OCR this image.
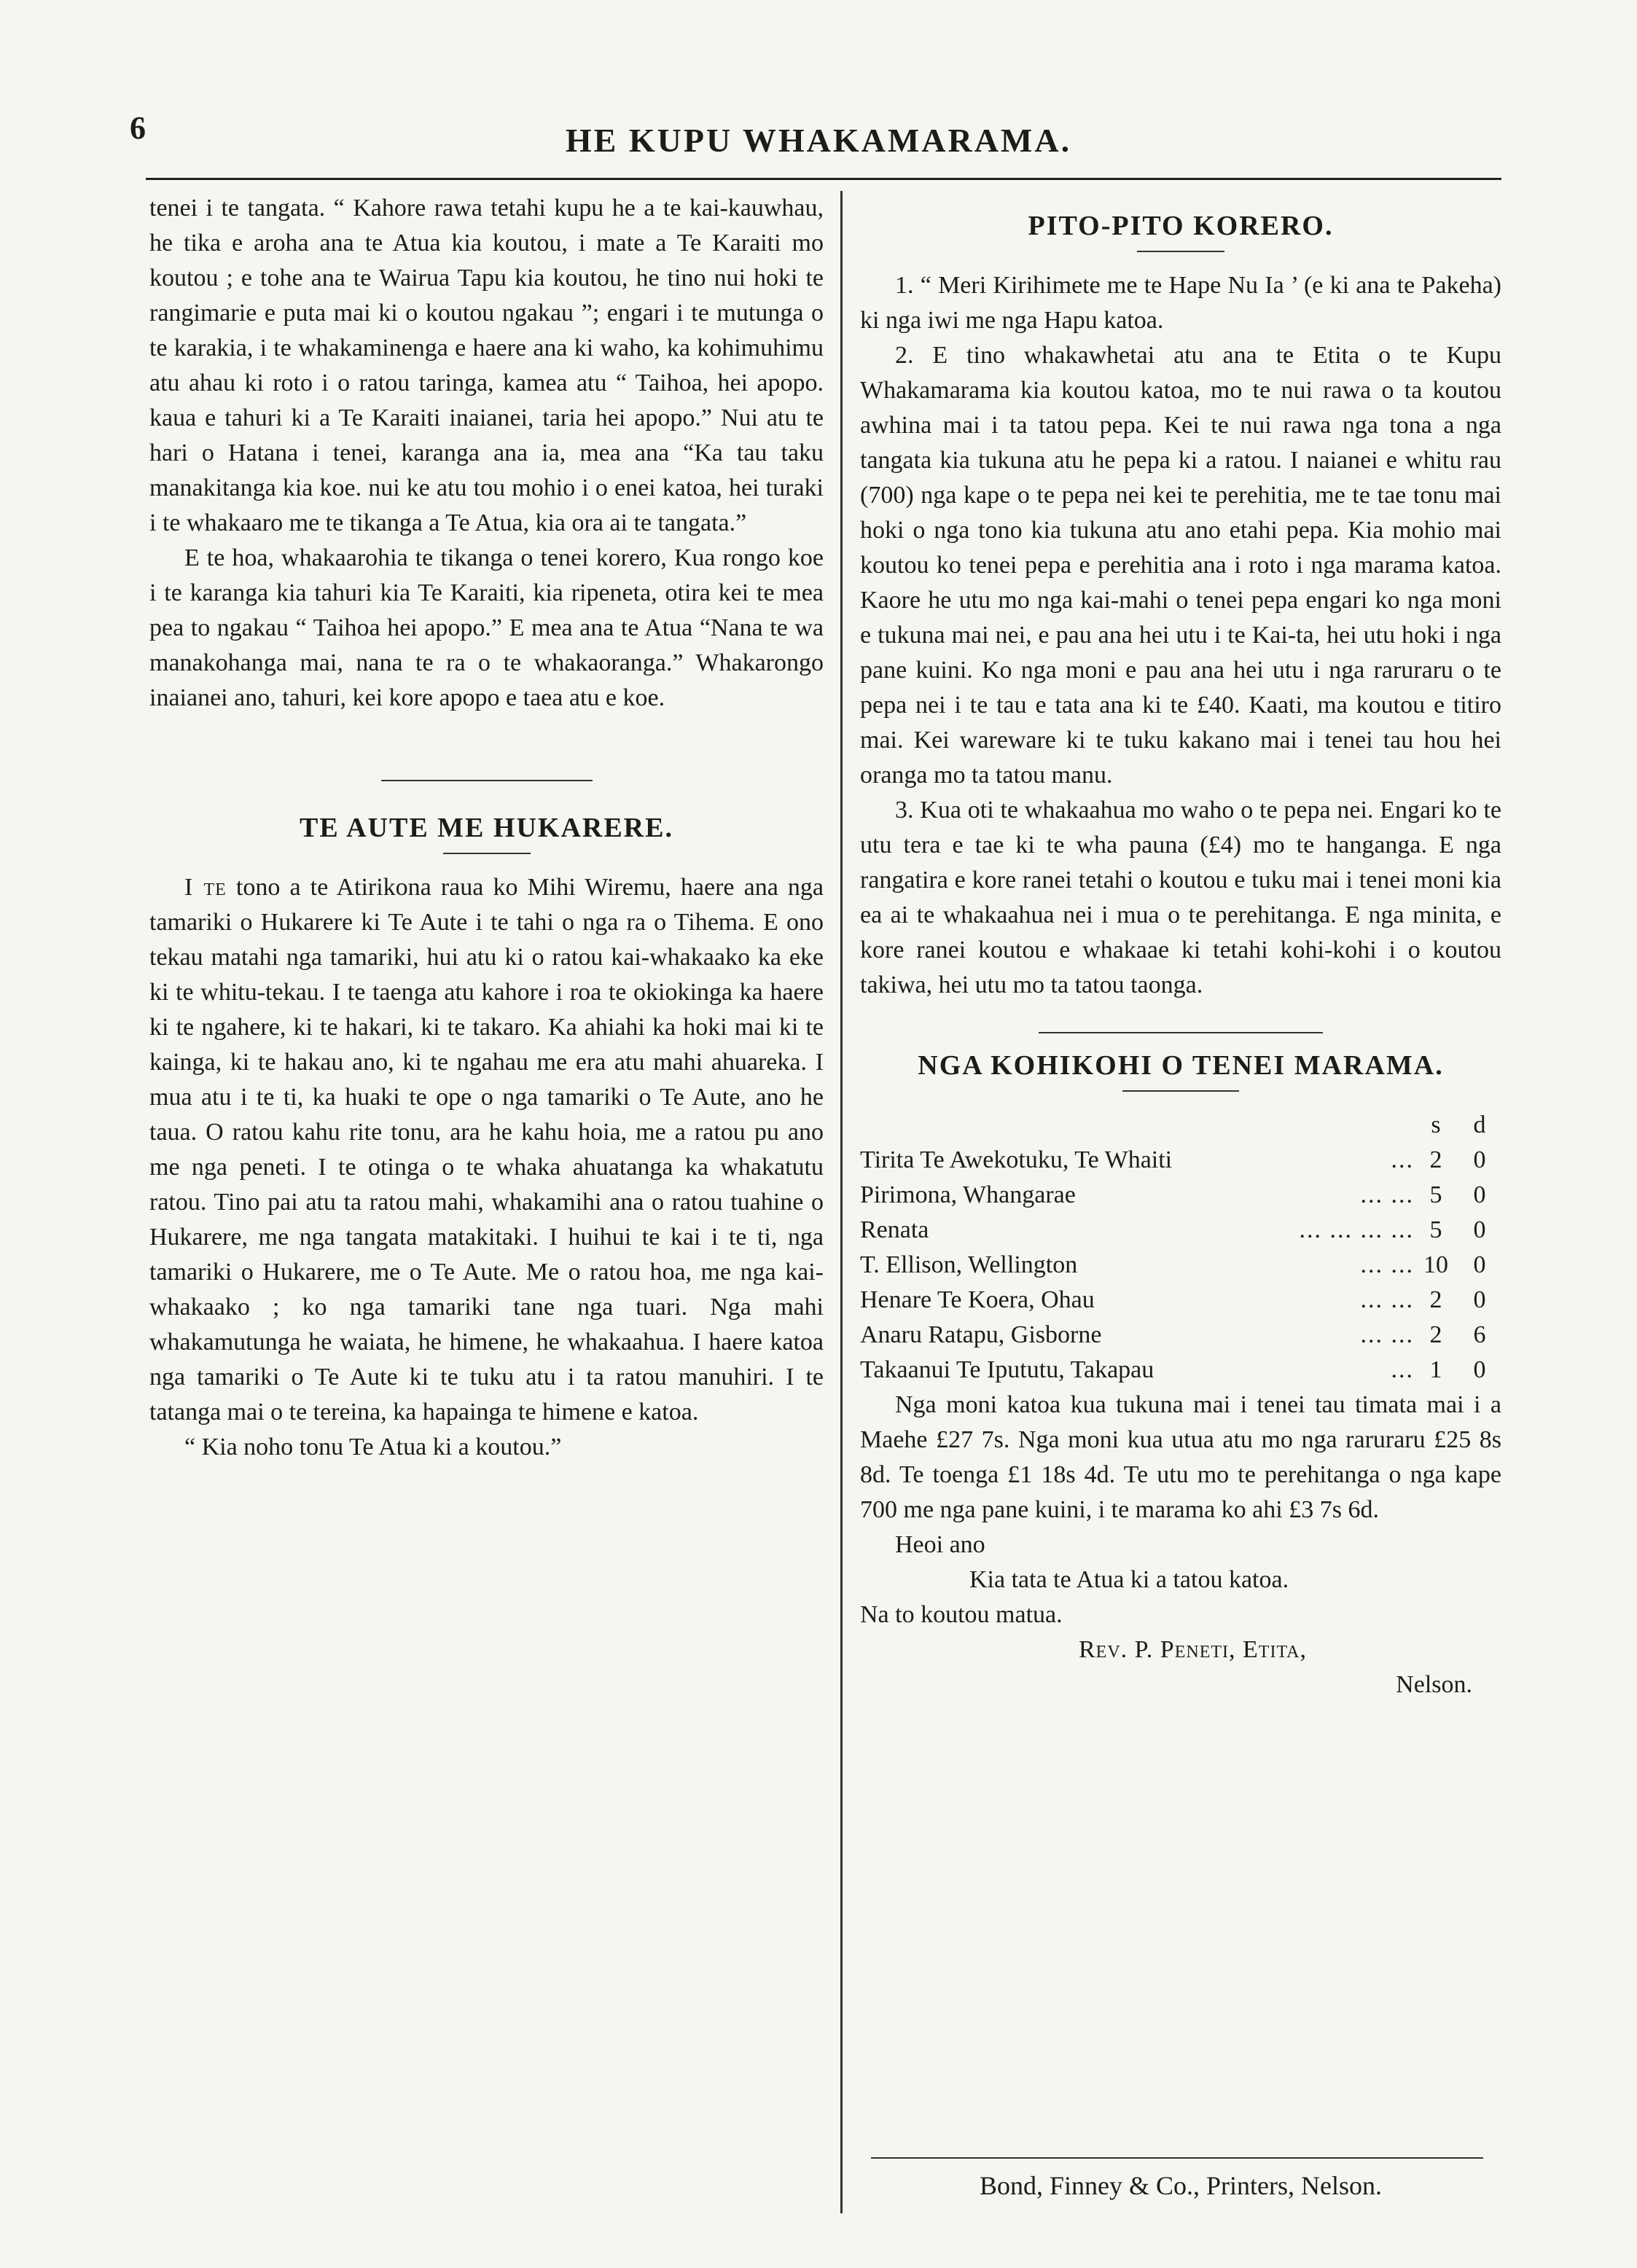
6	HE KUPU WHAKAMARAMA.

tenei i te tangata. “ Kahore rawa tetahi kupu he a te kai-kauwhau, he tika e aroha ana te Atua kia koutou, i mate a Te Karaiti mo koutou ; e tohe ana te Wairua Tapu kia koutou, he tino nui hoki te rangimarie e puta mai ki o koutou ngakau ”; engari i te mutunga o te karakia, i te whakaminenga e haere ana ki waho, ka kohimuhimu atu ahau ki roto i o ratou taringa, kamea atu “ Taihoa, hei apopo. kaua e tahuri ki a Te Karaiti inaianei, taria hei apopo.” Nui atu te hari o Hatana i tenei, karanga ana ia, mea ana “Ka tau taku manakitanga kia koe. nui ke atu tou mohio i o enei katoa, hei turaki i te whakaaro me te tikanga a Te Atua, kia ora ai te tangata.”

E te hoa, whakaarohia te tikanga o tenei korero, Kua rongo koe i te karanga kia tahuri kia Te Karaiti, kia ripeneta, otira kei te mea pea to ngakau “ Taihoa hei apopo.” E mea ana te Atua “Nana te wa manakohanga mai, nana te ra o te whakaoranga.” Whakarongo inaianei ano, tahuri, kei kore apopo e taea atu e koe.

TE AUTE ME HUKARERE.

I te tono a te Atirikona raua ko Mihi Wiremu, haere ana nga tamariki o Hukarere ki Te Aute i te tahi o nga ra o Tihema. E ono tekau matahi nga tamariki, hui atu ki o ratou kai-whakaako ka eke ki te whitu-tekau. I te taenga atu kahore i roa te okiokinga ka haere ki te ngahere, ki te hakari, ki te takaro. Ka ahiahi ka hoki mai ki te kainga, ki te hakau ano, ki te ngahau me era atu mahi ahuareka. I mua atu i te ti, ka huaki te ope o nga tamariki o Te Aute, ano he taua. O ratou kahu rite tonu, ara he kahu hoia, me a ratou pu ano me nga peneti. I te otinga o te whaka ahuatanga ka whakatutu ratou. Tino pai atu ta ratou mahi, whakamihi ana o ratou tuahine o Hukarere, me nga tangata matakitaki. I huihui te kai i te ti, nga tamariki o Hukarere, me o Te Aute. Me o ratou hoa, me nga kai-whakaako ; ko nga tamariki tane nga tuari. Nga mahi whakamutunga he waiata, he himene, he whakaahua. I haere katoa nga tamariki o Te Aute ki te tuku atu i ta ratou manuhiri. I te tatanga mai o te tereina, ka hapainga te himene e katoa.

“ Kia noho tonu Te Atua ki a koutou.”

PITO-PITO KORERO.

1. “ Meri Kirihimete me te Hape Nu Ia ’ (e ki ana te Pakeha) ki nga iwi me nga Hapu katoa.

2. E tino whakawhetai atu ana te Etita o te Kupu Whakamarama kia koutou katoa, mo te nui rawa o ta koutou awhina mai i ta tatou pepa. Kei te nui rawa nga tona a nga tangata kia tukuna atu he pepa ki a ratou. I naianei e whitu rau (700) nga kape o te pepa nei kei te perehitia, me te tae tonu mai hoki o nga tono kia tukuna atu ano etahi pepa. Kia mohio mai koutou ko tenei pepa e perehitia ana i roto i nga marama katoa. Kaore he utu mo nga kai-mahi o tenei pepa engari ko nga moni e tukuna mai nei, e pau ana hei utu i te Kai-ta, hei utu hoki i nga pane kuini. Ko nga moni e pau ana hei utu i nga raruraru o te pepa nei i te tau e tata ana ki te £40. Kaati, ma koutou e titiro mai. Kei wareware ki te tuku kakano mai i tenei tau hou hei oranga mo ta tatou manu.

3. Kua oti te whakaahua mo waho o te pepa nei. Engari ko te utu tera e tae ki te wha pauna (£4) mo te hanganga. E nga rangatira e kore ranei tetahi o koutou e tuku mai i tenei moni kia ea ai te whakaahua nei i mua o te perehitanga. E nga minita, e kore ranei koutou e whakaae ki tetahi kohi-kohi i o koutou takiwa, hei utu mo ta tatou taonga.

NGA KOHIKOHI O TENEI MARAMA.
		s	d
Tirita Te Awekotuku, Te Whaiti	...	2	0
Pirimona, Whangarae	... ...	5	0
Renata	... ... ... ...	5	0
T. Ellison, Wellington	... ...	10	0
Henare Te Koera, Ohau	... ...	2	0
Anaru Ratapu, Gisborne	... ...	2	6
Takaanui Te Ipututu, Takapau	...	1	0

Nga moni katoa kua tukuna mai i tenei tau timata mai i a Maehe £27 7s. Nga moni kua utua atu mo nga raruraru £25 8s 8d. Te toenga £1 18s 4d. Te utu mo te perehitanga o nga kape 700 me nga pane kuini, i te marama ko ahi £3 7s 6d.

Heoi ano

Kia tata te Atua ki a tatou katoa.

Na to koutou matua.

Rev. P. Peneti, Etita,

Nelson.

Bond, Finney & Co., Printers, Nelson.
